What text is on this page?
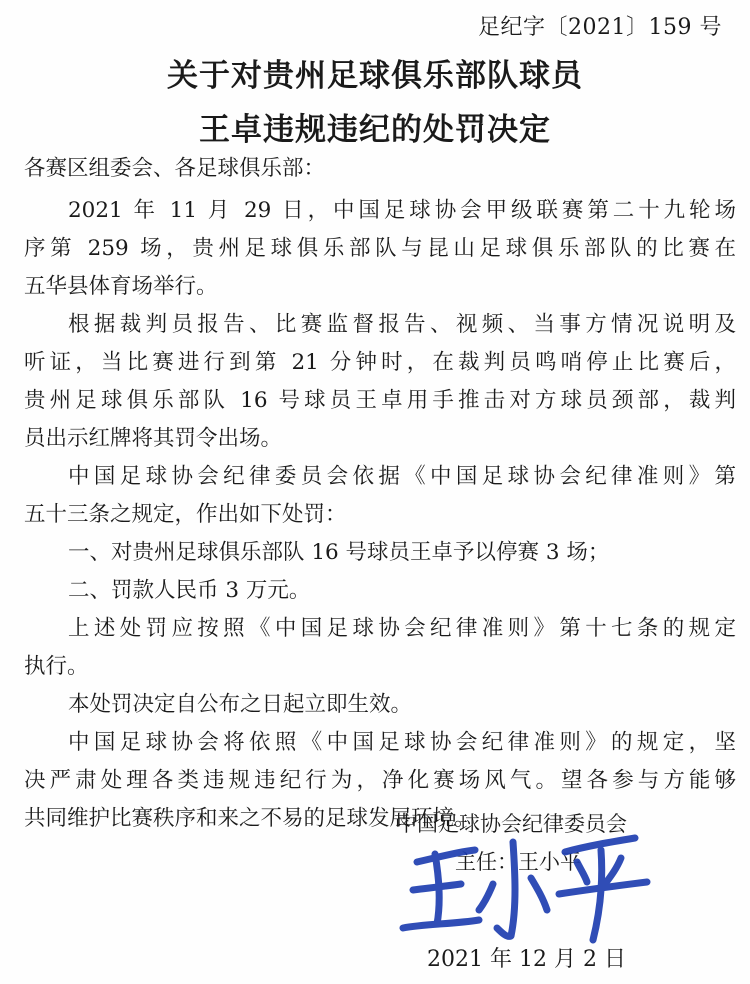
足纪字〔2021〕159 号
关于对贵州足球俱乐部队球员
王卓违规违纪的处罚决定
各赛区组委会、各足球俱乐部：
2021 年 11 月 29 日，中国足球协会甲级联赛第二十九轮场
序第 259 场，贵州足球俱乐部队与昆山足球俱乐部队的比赛在
五华县体育场举行。
根据裁判员报告、比赛监督报告、视频、当事方情况说明及
听证，当比赛进行到第 21 分钟时，在裁判员鸣哨停止比赛后，
贵州足球俱乐部队 16 号球员王卓用手推击对方球员颈部，裁判
员出示红牌将其罚令出场。
中国足球协会纪律委员会依据《中国足球协会纪律准则》第
五十三条之规定，作出如下处罚：
一、对贵州足球俱乐部队 16 号球员王卓予以停赛 3 场；
二、罚款人民币 3 万元。
上述处罚应按照《中国足球协会纪律准则》第十七条的规定
执行。
本处罚决定自公布之日起立即生效。
中国足球协会将依照《中国足球协会纪律准则》的规定，坚
决严肃处理各类违规违纪行为，净化赛场风气。望各参与方能够
共同维护比赛秩序和来之不易的足球发展环境。
中国足球协会纪律委员会
主任：王小平
2021 年 12 月 2 日
